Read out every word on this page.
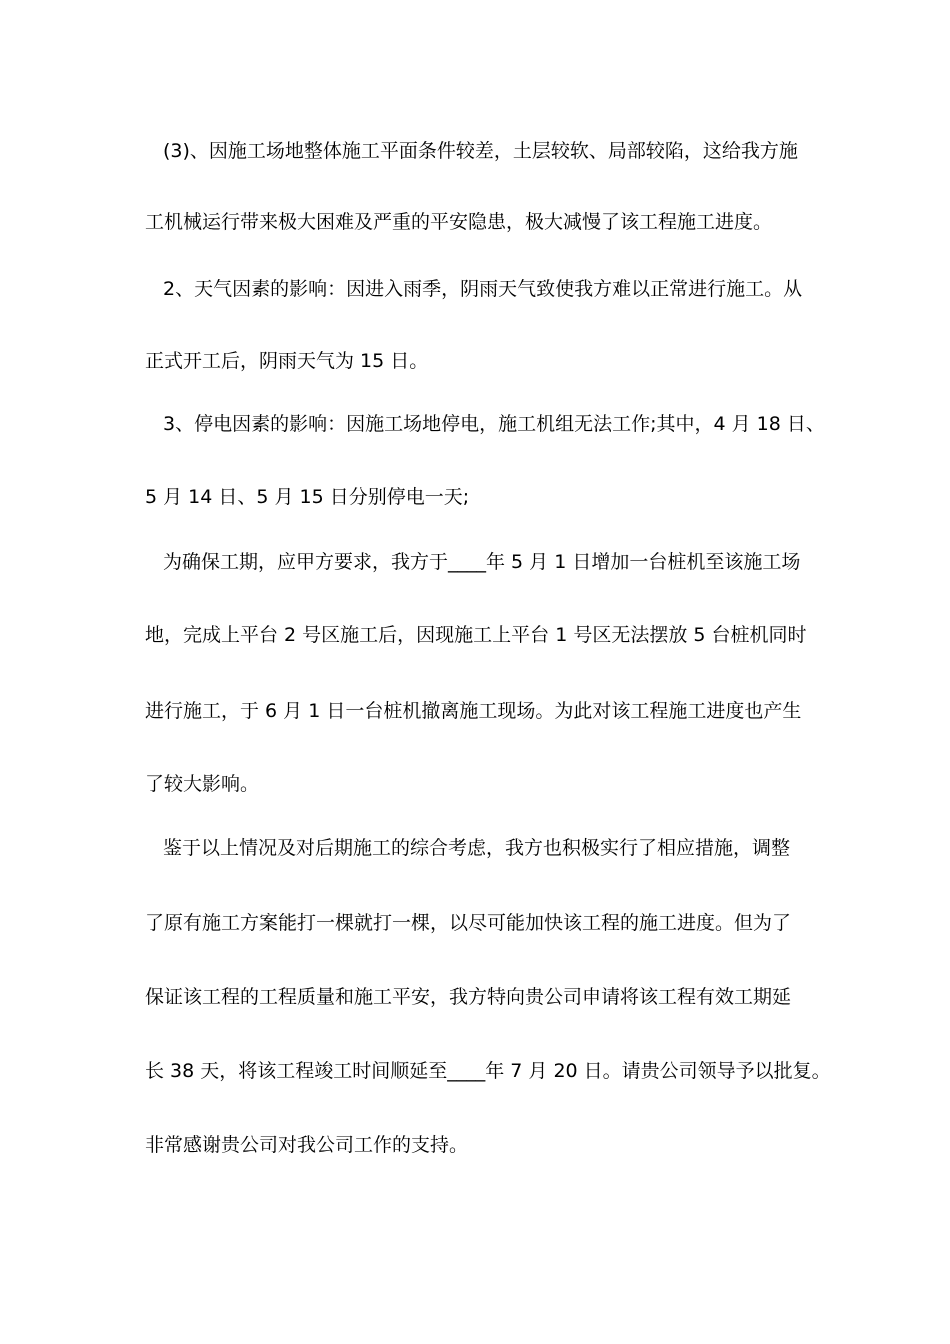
(3)、因施工场地整体施工平面条件较差，土层较软、局部较陷，这给我方施
工机械运行带来极大困难及严重的平安隐患，极大减慢了该工程施工进度。
2、天气因素的影响：因进入雨季，阴雨天气致使我方难以正常进行施工。从
正式开工后，阴雨天气为 15 日。
3、停电因素的影响：因施工场地停电，施工机组无法工作;其中，4 月 18 日、
5 月 14 日、5 月 15 日分别停电一天;
为确保工期，应甲方要求，我方于____年 5 月 1 日增加一台桩机至该施工场
地，完成上平台 2 号区施工后，因现施工上平台 1 号区无法摆放 5 台桩机同时
进行施工，于 6 月 1 日一台桩机撤离施工现场。为此对该工程施工进度也产生
了较大影响。
鉴于以上情况及对后期施工的综合考虑，我方也积极实行了相应措施，调整
了原有施工方案能打一棵就打一棵，以尽可能加快该工程的施工进度。但为了
保证该工程的工程质量和施工平安，我方特向贵公司申请将该工程有效工期延
长 38 天，将该工程竣工时间顺延至____年 7 月 20 日。请贵公司领导予以批复。
非常感谢贵公司对我公司工作的支持。
